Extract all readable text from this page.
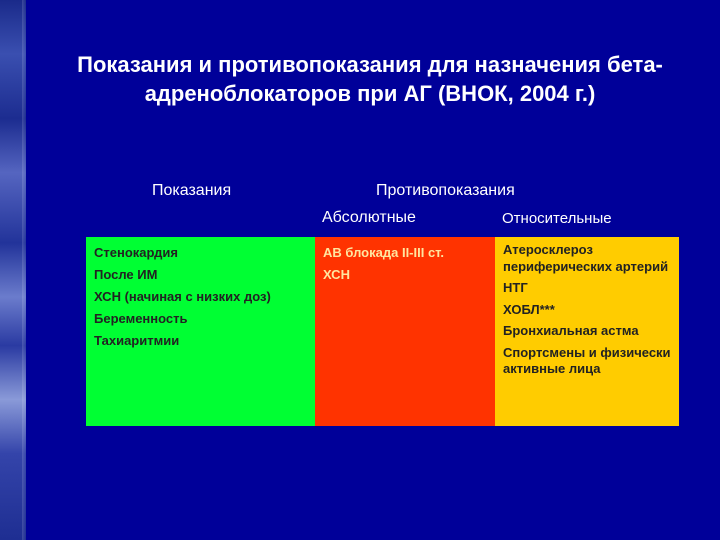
Показания и противопоказания для назначения бета-адреноблокаторов при АГ (ВНОК, 2004 г.)
Показания	Противопоказания
Абсолютные	Относительные
Стенокардия
После ИМ
ХСН (начиная с низких доз)
Беременность
Тахиаритмии
АВ блокада II-III ст.
ХСН
Атеросклероз периферических артерий
НТГ
ХОБЛ***
Бронхиальная астма
Спортсмены и физически активные лица
